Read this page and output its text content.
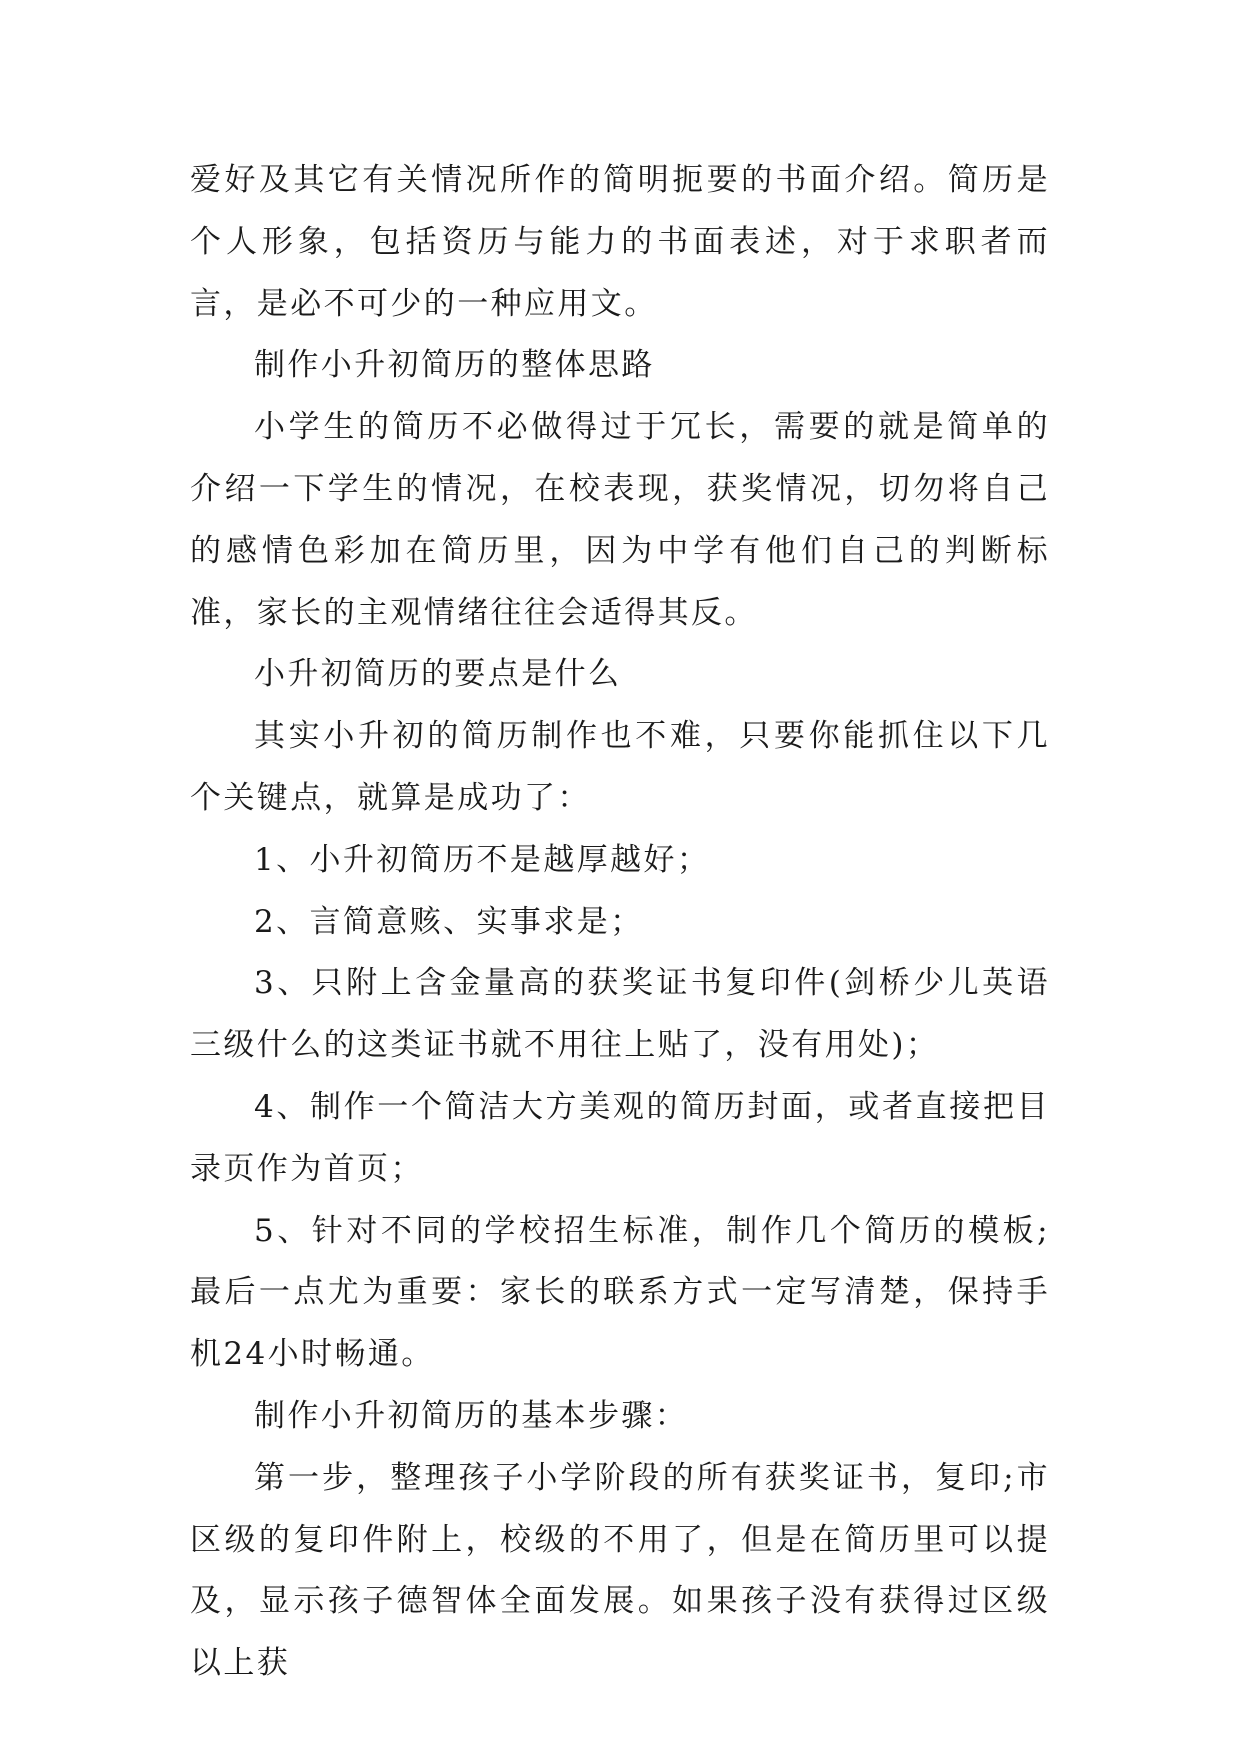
爱好及其它有关情况所作的简明扼要的书面介绍。简历是个人形象，包括资历与能力的书面表述，对于求职者而言，是必不可少的一种应用文。

制作小升初简历的整体思路

小学生的简历不必做得过于冗长，需要的就是简单的介绍一下学生的情况，在校表现，获奖情况，切勿将自己的感情色彩加在简历里，因为中学有他们自己的判断标准，家长的主观情绪往往会适得其反。

小升初简历的要点是什么

其实小升初的简历制作也不难，只要你能抓住以下几个关键点，就算是成功了：

1、小升初简历不是越厚越好；

2、言简意赅、实事求是；

3、只附上含金量高的获奖证书复印件(剑桥少儿英语三级什么的这类证书就不用往上贴了，没有用处)；

4、制作一个简洁大方美观的简历封面，或者直接把目录页作为首页；

5、针对不同的学校招生标准，制作几个简历的模板;最后一点尤为重要：家长的联系方式一定写清楚，保持手机24小时畅通。

制作小升初简历的基本步骤：

第一步，整理孩子小学阶段的所有获奖证书，复印;市区级的复印件附上，校级的不用了，但是在简历里可以提及，显示孩子德智体全面发展。如果孩子没有获得过区级以上获
